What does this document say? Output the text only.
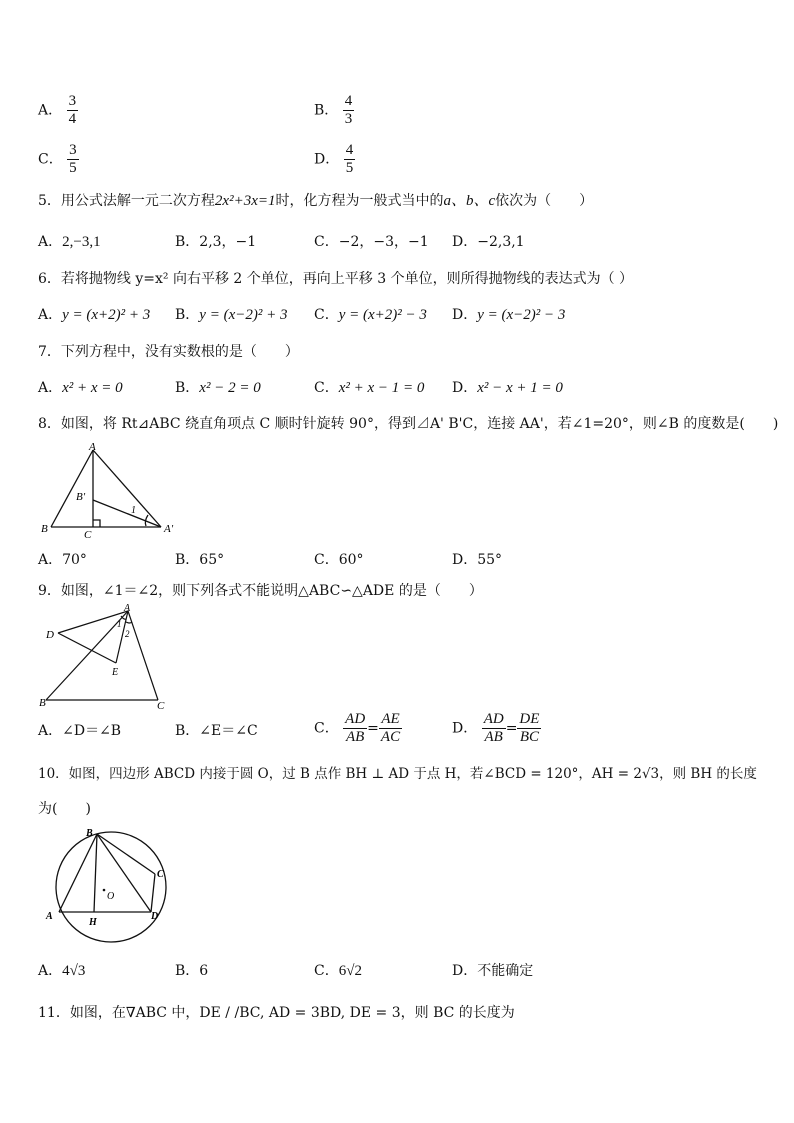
A． $\frac{3}{4}$	B． $\frac{4}{3}$
C． $\frac{3}{5}$	D． $\frac{4}{5}$
5．用公式法解一元二次方程2x²+3x=1时，化方程为一般式当中的a、b、c依次为（　　）
A．2,−3,1	B．2,3，−1	C．−2，−3，−1 D．−2,3,1
6．若将抛物线 y=x² 向右平移 2 个单位，再向上平移 3 个单位，则所得抛物线的表达式为（ ）
A．y = (x+2)² + 3 B．y = (x−2)² + 3 C．y = (x+2)² − 3 D．y = (x−2)² − 3
7．下列方程中，没有实数根的是（　　）
A．x² + x = 0	B．x² − 2 = 0	C．x² + x − 1 = 0 D．x² − x + 1 = 0
8．如图，将 Rt⊿ABC 绕直角项点 C 顺时针旋转 90°，得到⊿A' B'C，连接 AA'，若∠1=20°，则∠B 的度数是(　　)
A
B	C
B′
A′
1
A．70°	B．65°	C．60°	D．55°
9．如图，∠1＝∠2，则下列各式不能说明△ABC∽△ADE 的是（　　）
A
D
E
B	C
1
2
A．∠D＝∠B	B．∠E＝∠C	C． $\frac{AD}{AB} = \frac{AE}{AC}$	D． $\frac{AD}{AB} = \frac{DE}{BC}$
10．如图，四边形 ABCD 内接于圆 O，过 B 点作 BH ⊥ AD 于点 H，若∠BCD = 120°，AH = 2√3，则 BH 的长度
为(　　)
B
C
D
A
H
O
A．4√3	B．6	C．6√2	D．不能确定
11．如图，在∇ABC 中，DE / /BC, AD = 3BD, DE = 3，则 BC 的长度为
